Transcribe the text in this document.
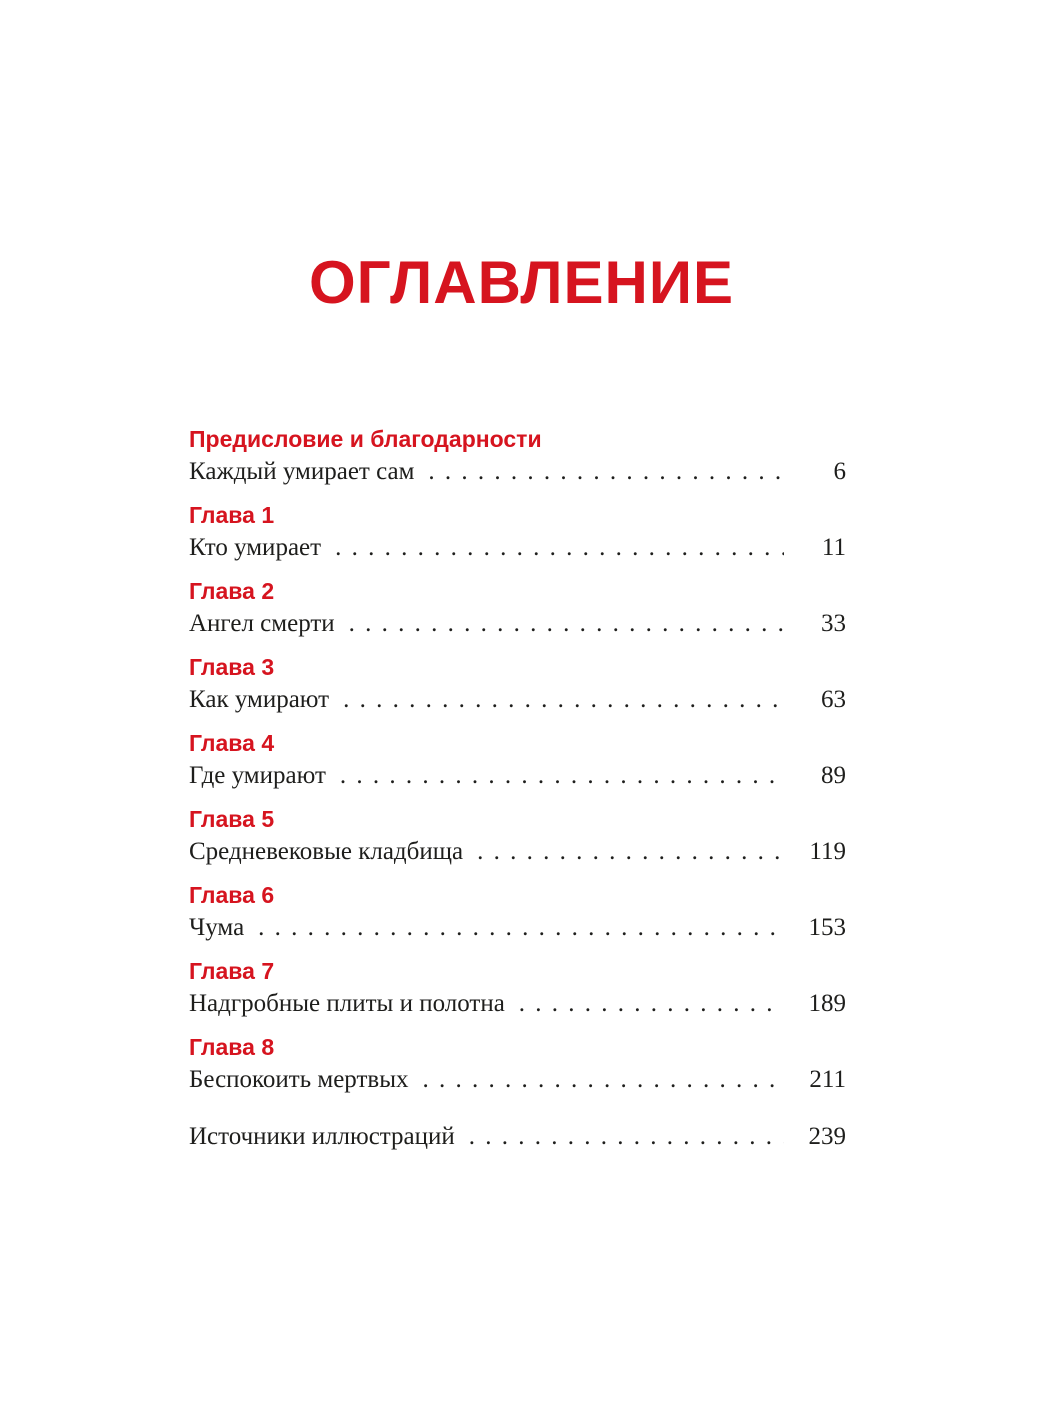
ОГЛАВЛЕНИЕ
Предисловие и благодарности
Каждый умирает сам . . .	6
Глава 1
Кто умирает . . .	11
Глава 2
Ангел смерти . . .	33
Глава 3
Как умирают . . .	63
Глава 4
Где умирают . . .	89
Глава 5
Средневековые кладбища . . .	119
Глава 6
Чума . . .	153
Глава 7
Надгробные плиты и полотна . . .	189
Глава 8
Беспокоить мертвых . . .	211
Источники иллюстраций . . .	239
